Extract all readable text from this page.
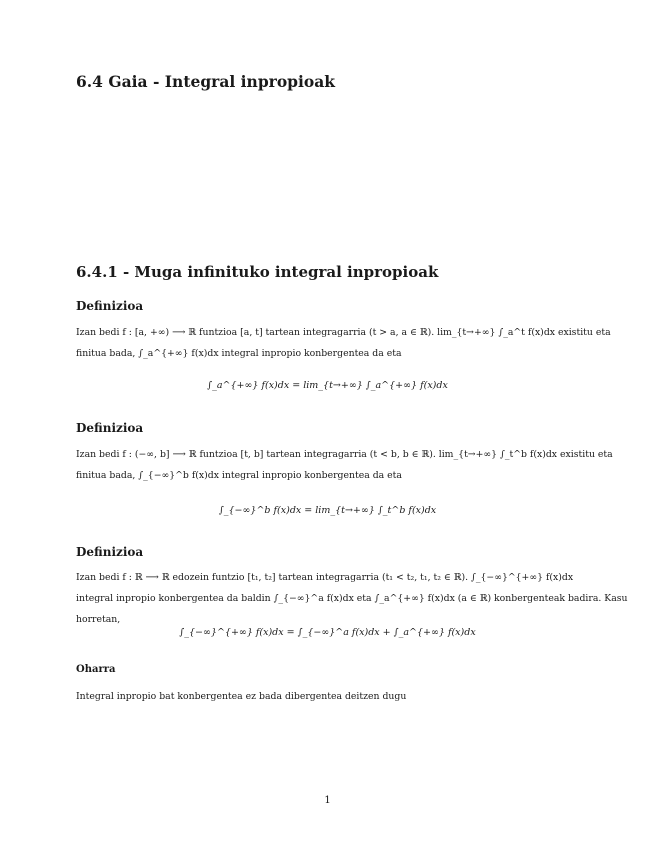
6.4 Gaia - Integral inpropioak
6.4.1 - Muga infinituko integral inpropioak
Definizioa
Izan bedi f : [a, +∞) ⟶ ℝ funtzioa [a, t] tartean integragarria (t > a, a ∈ ℝ). lim_{t→+∞} ∫_a^t f(x)dx existitu eta
finitua bada, ∫_a^{+∞} f(x)dx integral inpropio konbergentea da eta
∫_a^{+∞} f(x)dx = lim_{t→+∞} ∫_a^{+∞} f(x)dx
Definizioa
Izan bedi f : (−∞, b] ⟶ ℝ funtzioa [t, b] tartean integragarria (t < b, b ∈ ℝ). lim_{t→+∞} ∫_t^b f(x)dx existitu eta
finitua bada, ∫_{−∞}^b f(x)dx integral inpropio konbergentea da eta
∫_{−∞}^b f(x)dx = lim_{t→+∞} ∫_t^b f(x)dx
Definizioa
Izan bedi f : ℝ ⟶ ℝ edozein funtzio [t₁, t₂] tartean integragarria (t₁ < t₂, t₁, t₂ ∈ ℝ). ∫_{−∞}^{+∞} f(x)dx
integral inpropio konbergentea da baldin ∫_{−∞}^a f(x)dx eta ∫_a^{+∞} f(x)dx (a ∈ ℝ) konbergenteak badira. Kasu
horretan,
∫_{−∞}^{+∞} f(x)dx = ∫_{−∞}^a f(x)dx + ∫_a^{+∞} f(x)dx
Oharra
Integral inpropio bat konbergentea ez bada dibergentea deitzen dugu
1
